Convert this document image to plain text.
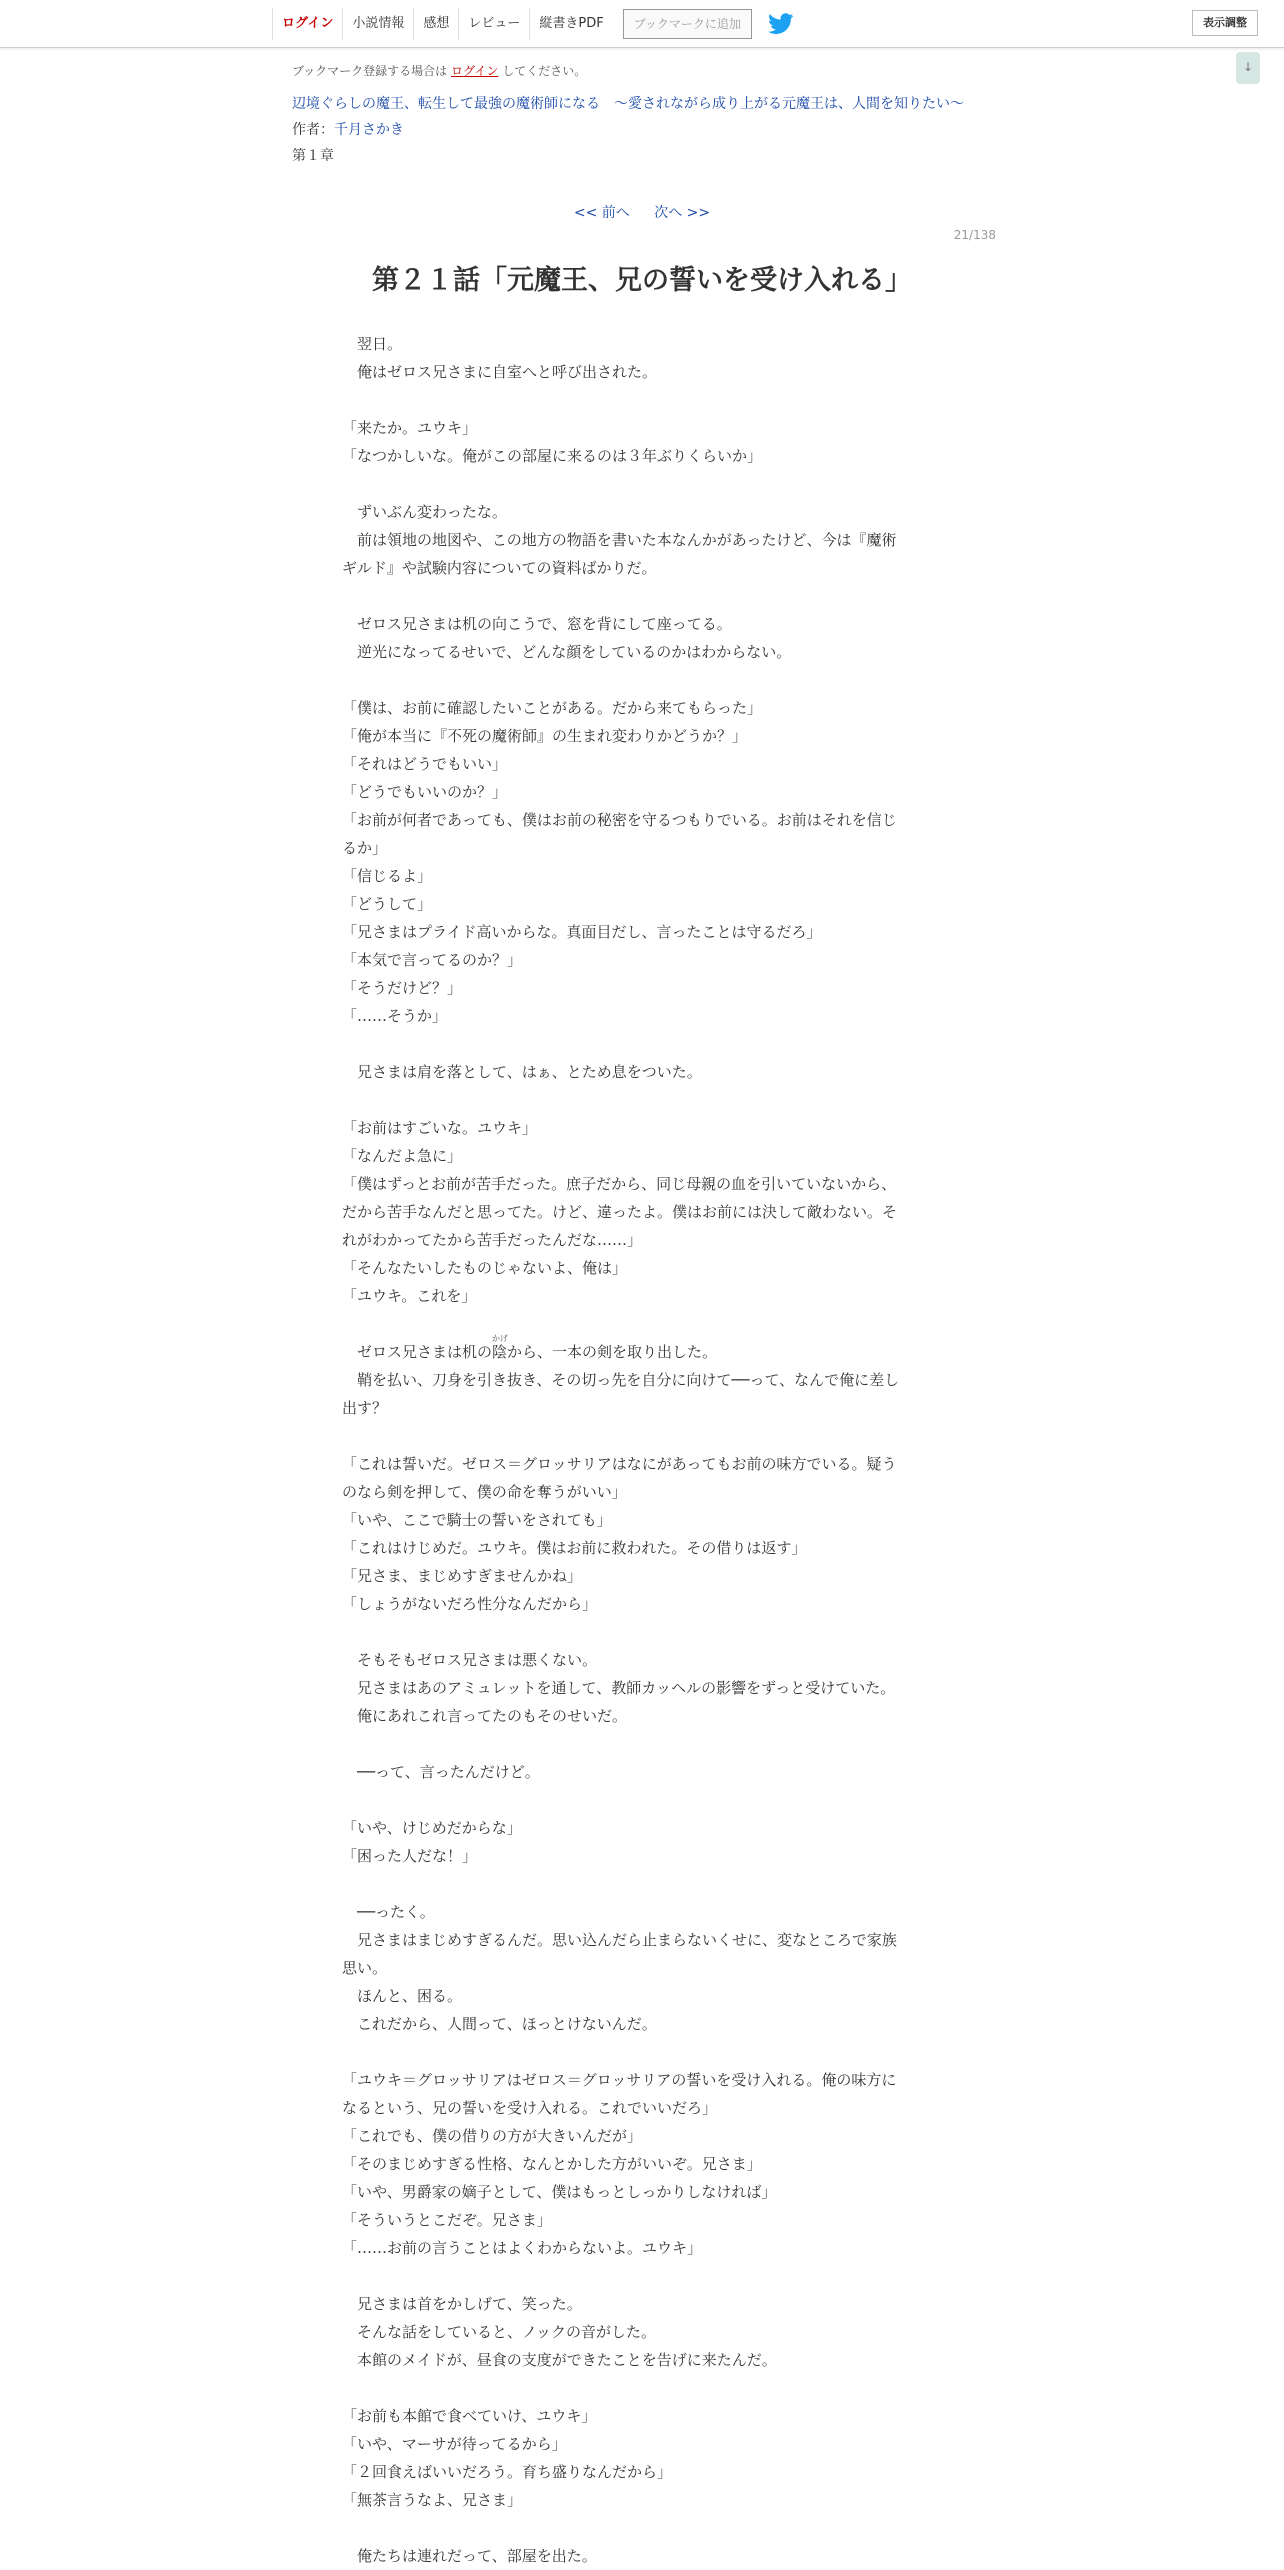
ログイン	小説情報	感想	レビュー	縦書きPDF	ブックマークに追加	表示調整
↓

ブックマーク登録する場合は ログイン してください。

辺境ぐらしの魔王、転生して最強の魔術師になる　〜愛されながら成り上がる元魔王は、人間を知りたい〜

作者：千月さかき

第１章

<< 前へ 次へ >>
21/138
第２１話「元魔王、兄の誓いを受け入れる」
　翌日。
　俺はゼロス兄さまに自室へと呼び出された。
「来たか。ユウキ」
「なつかしいな。俺がこの部屋に来るのは３年ぶりくらいか」
　ずいぶん変わったな。
　前は領地の地図や、この地方の物語を書いた本なんかがあったけど、今は『魔術
ギルド』や試験内容についての資料ばかりだ。
　ゼロス兄さまは机の向こうで、窓を背にして座ってる。
　逆光になってるせいで、どんな顔をしているのかはわからない。
「僕は、お前に確認したいことがある。だから来てもらった」
「俺が本当に『不死の魔術師』の生まれ変わりかどうか？」
「それはどうでもいい」
「どうでもいいのか？」
「お前が何者であっても、僕はお前の秘密を守るつもりでいる。お前はそれを信じ
るか」
「信じるよ」
「どうして」
「兄さまはプライド高いからな。真面目だし、言ったことは守るだろ」
「本気で言ってるのか？」
「そうだけど？」
「……そうか」
　兄さまは肩を落として、はぁ、とため息をついた。
「お前はすごいな。ユウキ」
「なんだよ急に」
「僕はずっとお前が苦手だった。庶子だから、同じ母親の血を引いていないから、
だから苦手なんだと思ってた。けど、違ったよ。僕はお前には決して敵わない。そ
れがわかってたから苦手だったんだな……」
「そんなたいしたものじゃないよ、俺は」
「ユウキ。これを」
　ゼロス兄さまは机の
かげ
陰から、一本の剣を取り出した。
　鞘を払い、刀身を引き抜き、その切っ先を自分に向けて──って、なんで俺に差し
出す？
「これは誓いだ。ゼロス＝グロッサリアはなにがあってもお前の味方でいる。疑う
のなら剣を押して、僕の命を奪うがいい」
「いや、ここで騎士の誓いをされても」
「これはけじめだ。ユウキ。僕はお前に救われた。その借りは返す」
「兄さま、まじめすぎませんかね」
「しょうがないだろ性分なんだから」
　そもそもゼロス兄さまは悪くない。
　兄さまはあのアミュレットを通して、教師カッヘルの影響をずっと受けていた。
　俺にあれこれ言ってたのもそのせいだ。
　──って、言ったんだけど。
「いや、けじめだからな」
「困った人だな！」
　──ったく。
　兄さまはまじめすぎるんだ。思い込んだら止まらないくせに、変なところで家族
思い。
　ほんと、困る。
　これだから、人間って、ほっとけないんだ。
「ユウキ＝グロッサリアはゼロス＝グロッサリアの誓いを受け入れる。俺の味方に
なるという、兄の誓いを受け入れる。これでいいだろ」
「これでも、僕の借りの方が大きいんだが」
「そのまじめすぎる性格、なんとかした方がいいぞ。兄さま」
「いや、男爵家の嫡子として、僕はもっとしっかりしなければ」
「そういうとこだぞ。兄さま」
「……お前の言うことはよくわからないよ。ユウキ」
　兄さまは首をかしげて、笑った。
　そんな話をしていると、ノックの音がした。
　本館のメイドが、昼食の支度ができたことを告げに来たんだ。
「お前も本館で食べていけ、ユウキ」
「いや、マーサが待ってるから」
「２回食えばいいだろう。育ち盛りなんだから」
「無茶言うなよ、兄さま」
　俺たちは連れだって、部屋を出た。
